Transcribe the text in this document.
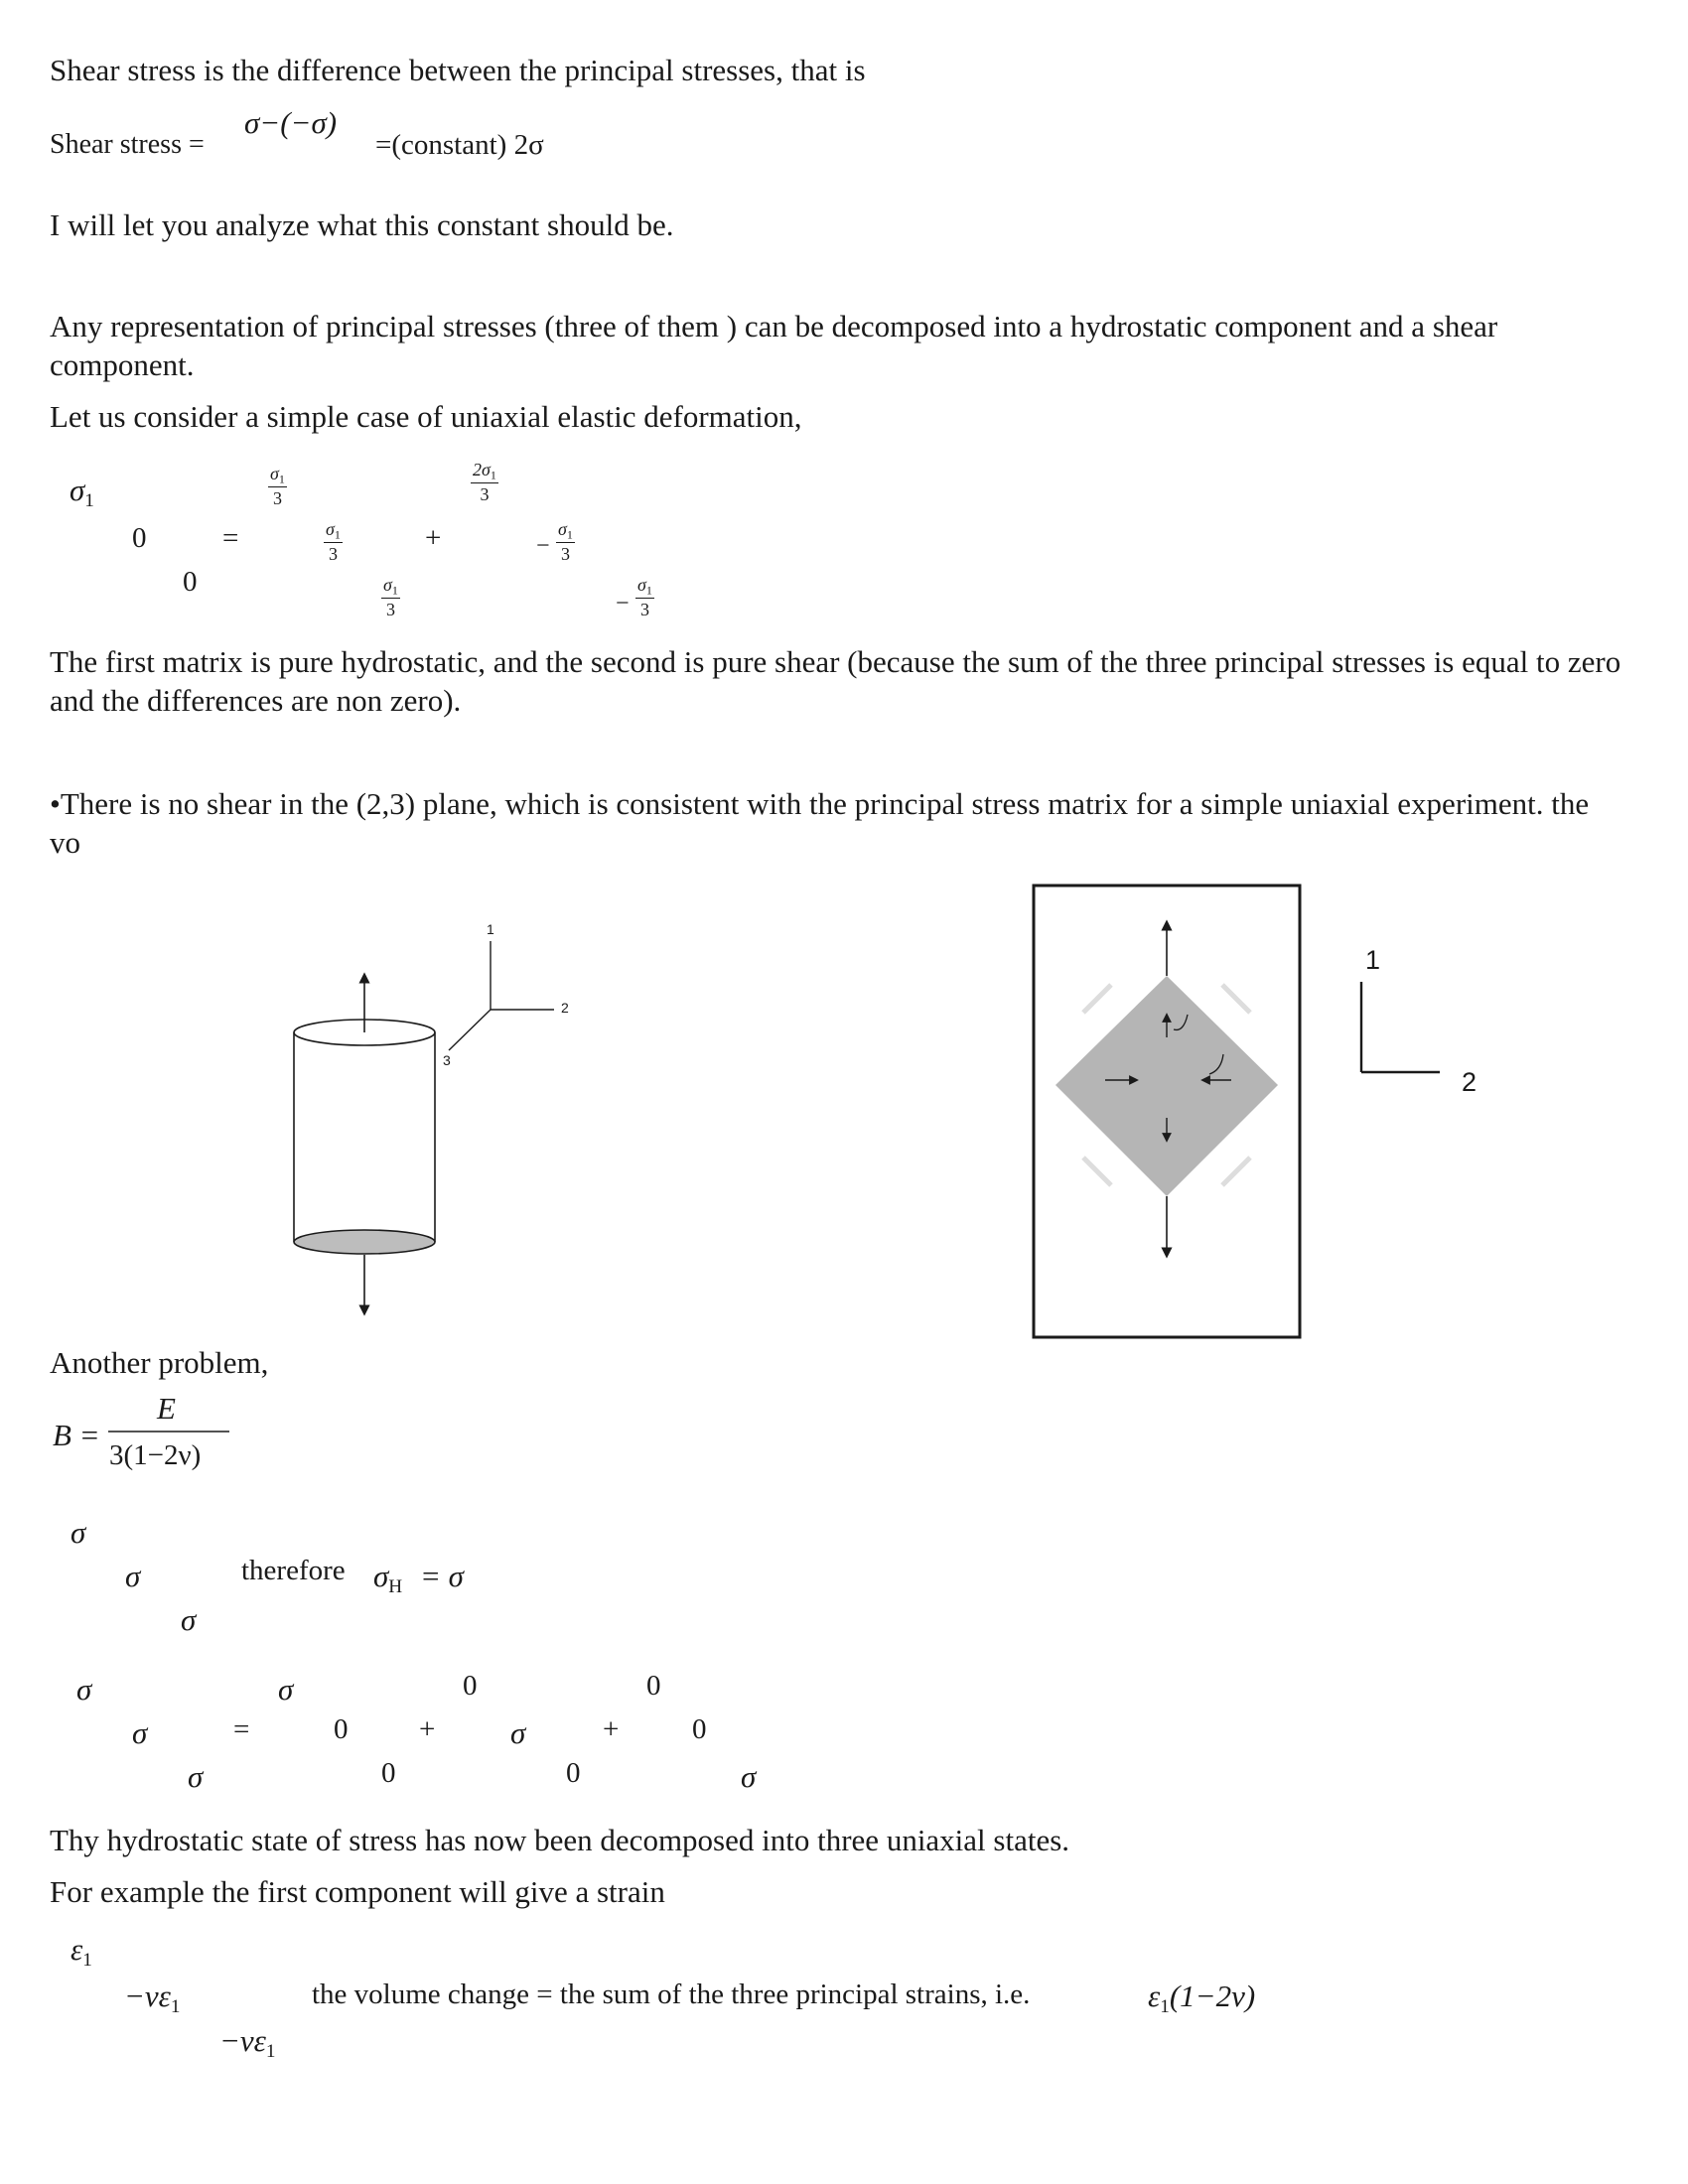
Shear stress is the difference between the principal stresses, that is
Shear stress =
σ−(−σ)
=(constant) 2σ
I will let you analyze what this constant should be.
Any representation of principal stresses (three of them ) can be decomposed into a hydrostatic component and a shear component.
Let us consider a simple case of uniaxial elastic deformation,
$\sigma_1$
0
0
=
$\sigma_1$
3
$\sigma_1$
3
$\sigma_1$
3
+
$2\sigma_1$
3
−
$\sigma_1$
3
−
$\sigma_1$
3
The first matrix is pure hydrostatic, and the second is pure shear (because the sum of the three principal stresses is equal to zero and the differences are non zero).
•There is no shear in the (2,3) plane, which is consistent with the principal stress matrix for a simple uniaxial experiment. the vo
1
2
3
1
2
Another problem,
B =
E
3(1−2ν)
σ
σ
σ
therefore $\sigma_H = \sigma$
σ
σ
σ
=
σ
0
0
+
0
σ
0
+
0
0
σ
Thy hydrostatic state of stress has now been decomposed into three uniaxial states.
For example the first component will give a strain
$\varepsilon_1$
$-\nu\varepsilon_1$
$-\nu\varepsilon_1$
the volume change = the sum of the three principal strains, i.e.	$\varepsilon_1(1-2\nu)$
